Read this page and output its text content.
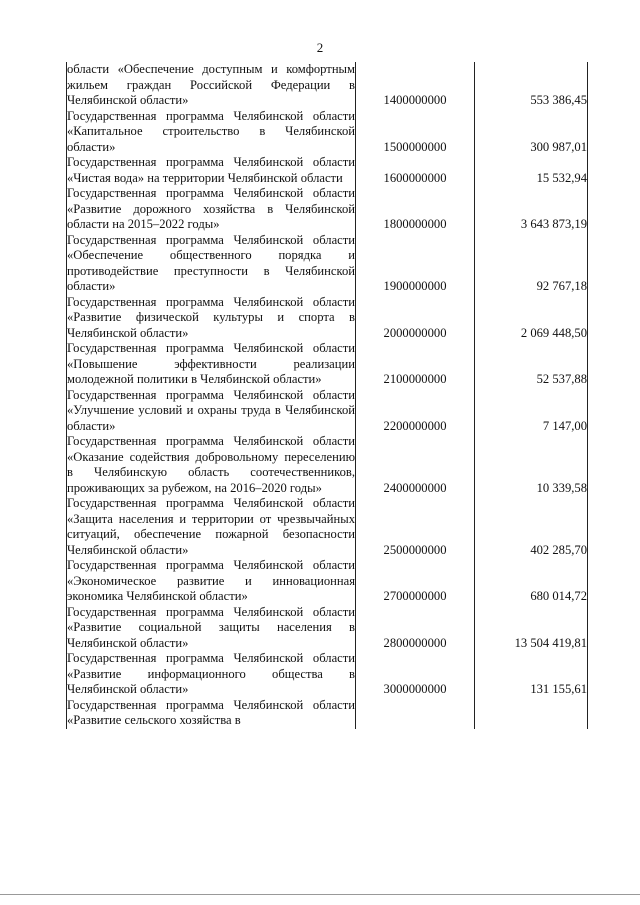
2
области «Обеспечение доступным и комфортным жильем граждан Российской Федерации в Челябинской области»	1400000000	553 386,45
Государственная программа Челябинской области «Капитальное строительство в Челябинской области»	1500000000	300 987,01
Государственная программа Челябинской области «Чистая вода» на территории Челябинской области	1600000000	15 532,94
Государственная программа Челябинской области «Развитие дорожного хозяйства в Челябинской области на 2015–2022 годы»	1800000000	3 643 873,19
Государственная программа Челябинской области «Обеспечение общественного порядка и противодействие преступности в Челябинской области»	1900000000	92 767,18
Государственная программа Челябинской области «Развитие физической культуры и спорта в Челябинской области»	2000000000	2 069 448,50
Государственная программа Челябинской области «Повышение эффективности реализации молодежной политики в Челябинской области»	2100000000	52 537,88
Государственная программа Челябинской области «Улучшение условий и охраны труда в Челябинской области»	2200000000	7 147,00
Государственная программа Челябинской области «Оказание содействия добровольному переселению в Челябинскую область соотечественников, проживающих за рубежом, на 2016–2020 годы»	2400000000	10 339,58
Государственная программа Челябинской области «Защита населения и территории от чрезвычайных ситуаций, обеспечение пожарной безопасности Челябинской области»	2500000000	402 285,70
Государственная программа Челябинской области «Экономическое развитие и инновационная экономика Челябинской области»	2700000000	680 014,72
Государственная программа Челябинской области «Развитие социальной защиты населения в Челябинской области»	2800000000	13 504 419,81
Государственная программа Челябинской области «Развитие информационного общества в Челябинской области»	3000000000	131 155,61
Государственная программа Челябинской области «Развитие сельского хозяйства в		
